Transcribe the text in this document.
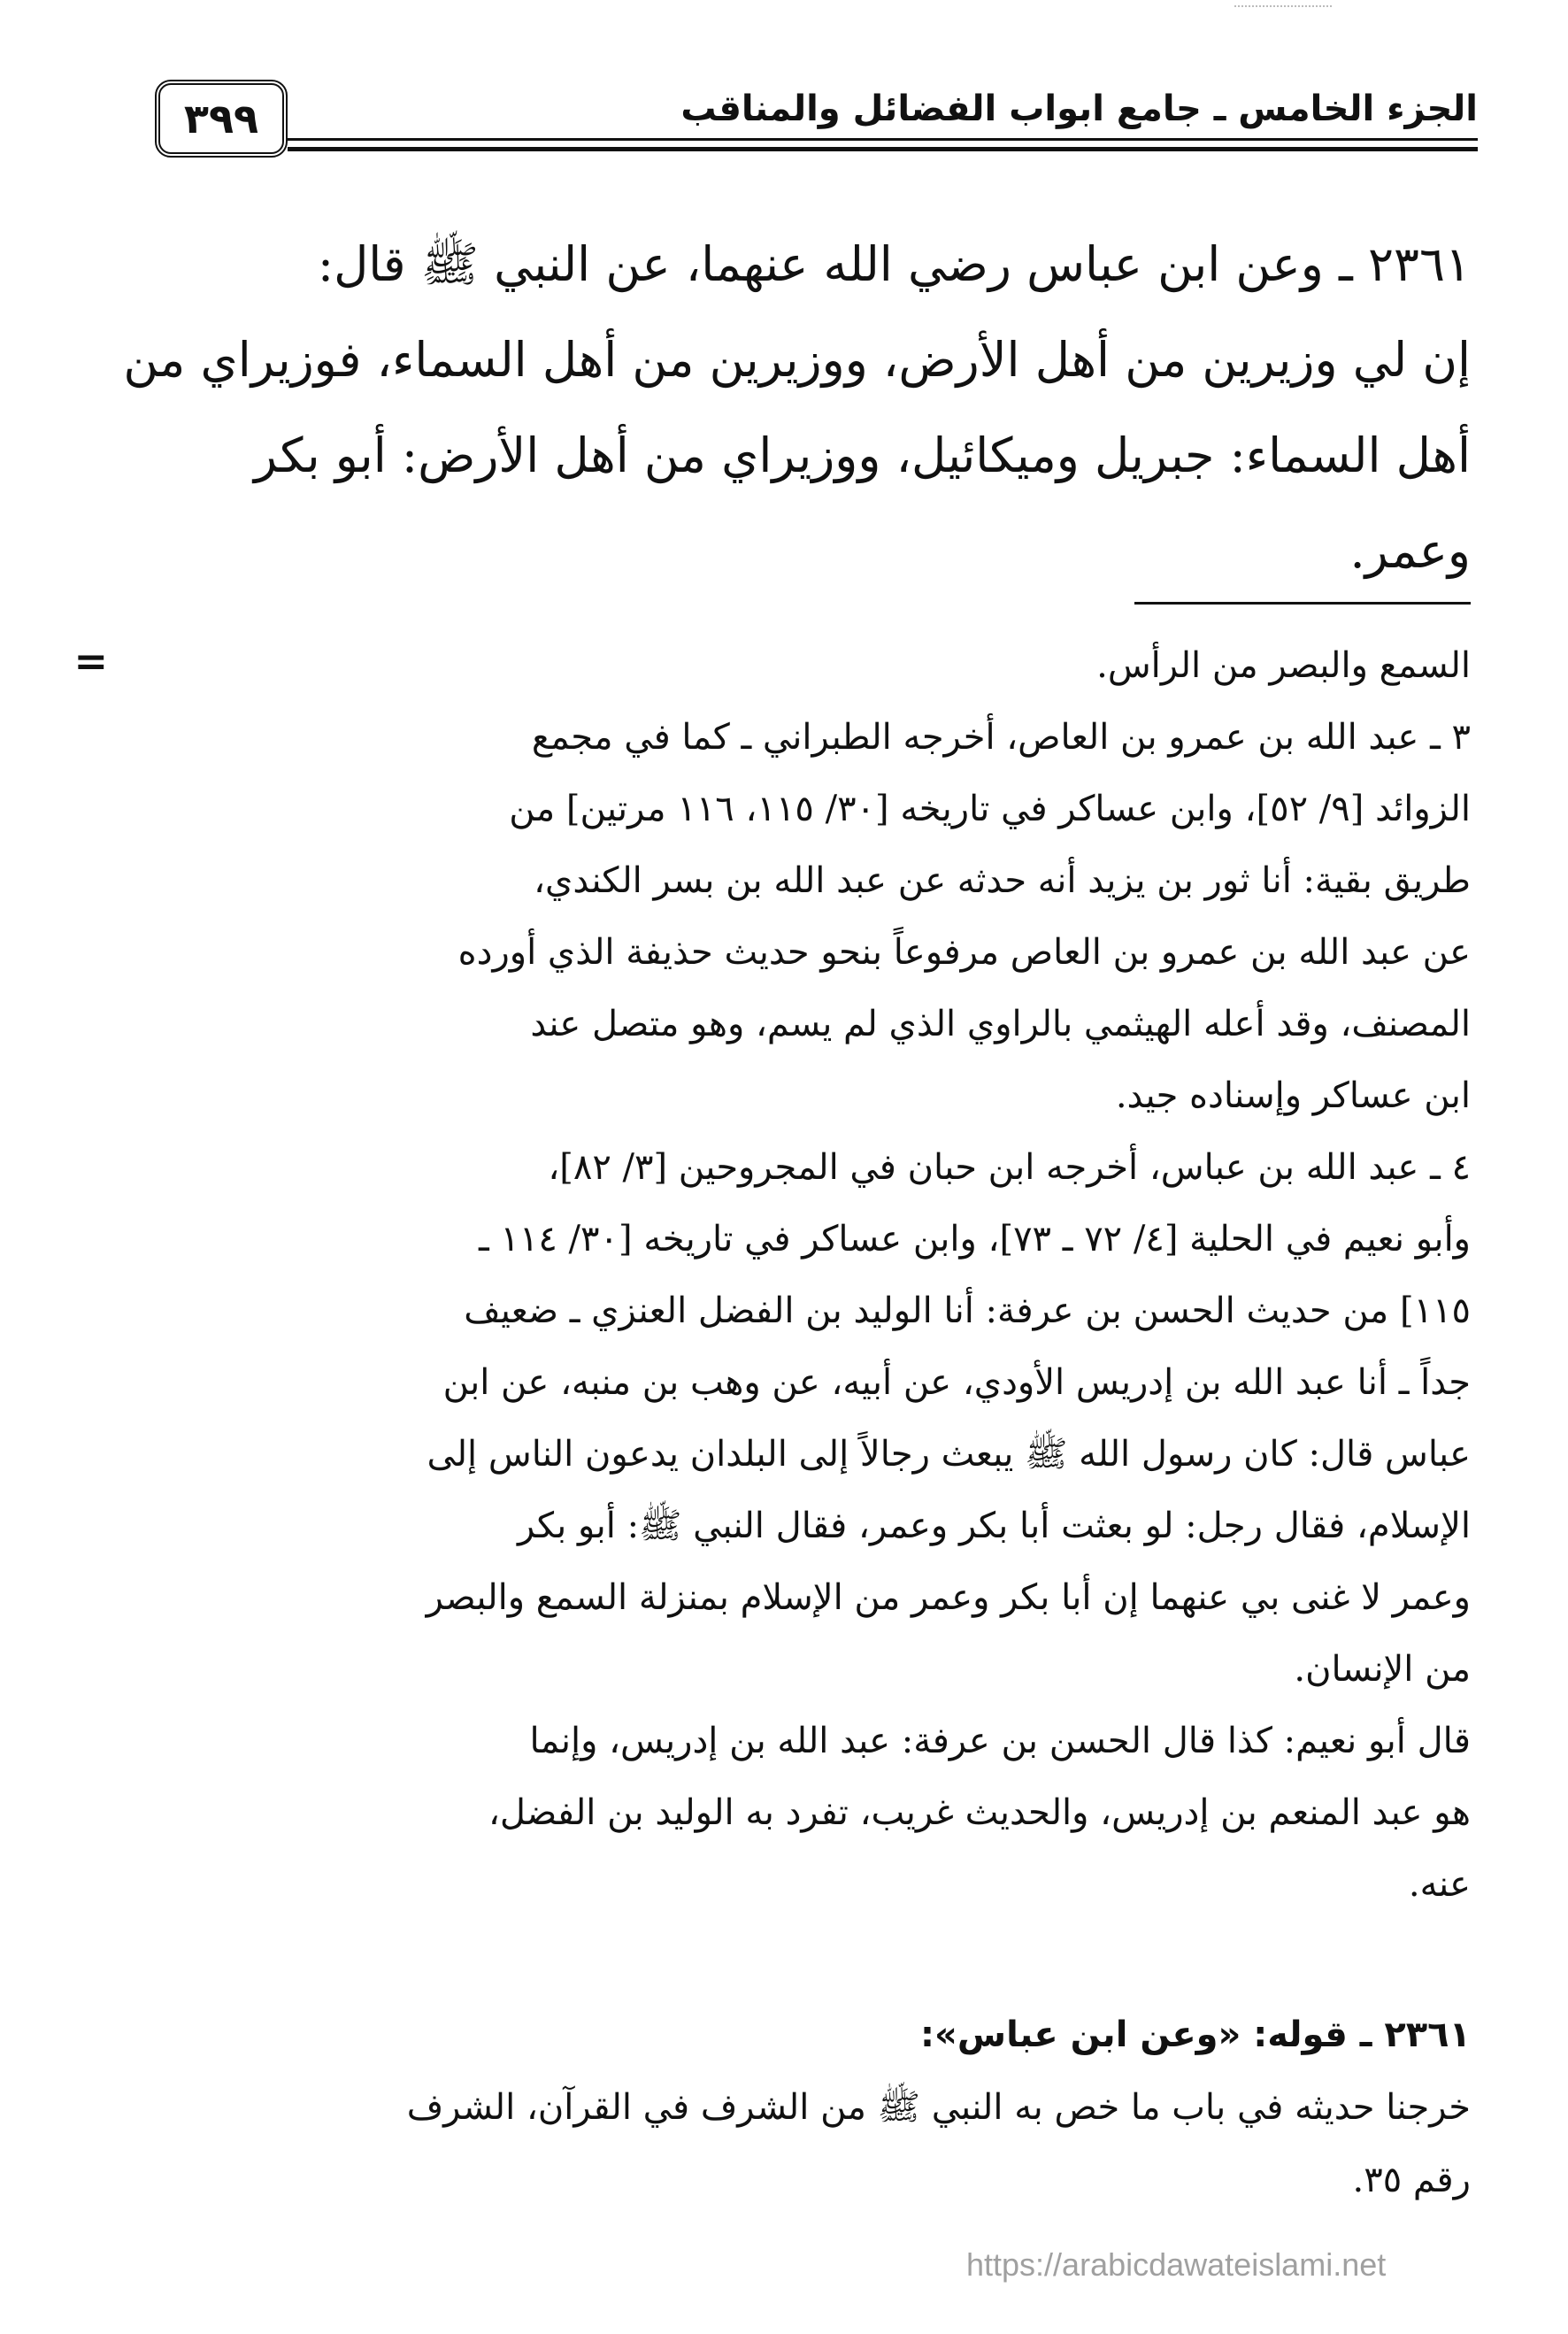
الجزء الخامس ـ جامع ابواب الفضائل والمناقب
٣٩٩

٢٣٦١ ـ وعن ابن عباس رضي الله عنهما، عن النبي ﷺ قال:

إن لي وزيرين من أهل الأرض، ووزيرين من أهل السماء، فوزيراي من

أهل السماء: جبريل وميكائيل، ووزيراي من أهل الأرض: أبو بكر

وعمر.

=	السمع والبصر من الرأس.

٣ ـ عبد الله بن عمرو بن العاص، أخرجه الطبراني ـ كما في مجمع

الزوائد [٩/ ٥٢]، وابن عساكر في تاريخه [٣٠/ ١١٥، ١١٦ مرتين] من

طريق بقية: أنا ثور بن يزيد أنه حدثه عن عبد الله بن بسر الكندي،

عن عبد الله بن عمرو بن العاص مرفوعاً بنحو حديث حذيفة الذي أورده

المصنف، وقد أعله الهيثمي بالراوي الذي لم يسم، وهو متصل عند

ابن عساكر وإسناده جيد.

٤ ـ عبد الله بن عباس، أخرجه ابن حبان في المجروحين [٣/ ٨٢]،

وأبو نعيم في الحلية [٤/ ٧٢ ـ ٧٣]، وابن عساكر في تاريخه [٣٠/ ١١٤ ـ

١١٥] من حديث الحسن بن عرفة: أنا الوليد بن الفضل العنزي ـ ضعيف

جداً ـ أنا عبد الله بن إدريس الأودي، عن أبيه، عن وهب بن منبه، عن ابن

عباس قال: كان رسول الله ﷺ يبعث رجالاً إلى البلدان يدعون الناس إلى

الإسلام، فقال رجل: لو بعثت أبا بكر وعمر، فقال النبي ﷺ: أبو بكر

وعمر لا غنى بي عنهما إن أبا بكر وعمر من الإسلام بمنزلة السمع والبصر

من الإنسان.

قال أبو نعيم: كذا قال الحسن بن عرفة: عبد الله بن إدريس، وإنما

هو عبد المنعم بن إدريس، والحديث غريب، تفرد به الوليد بن الفضل،

عنه.

٢٣٦١ ـ قوله: «وعن ابن عباس»:

خرجنا حديثه في باب ما خص به النبي ﷺ من الشرف في القرآن، الشرف

رقم ٣٥.

https://arabicdawateislami.net
